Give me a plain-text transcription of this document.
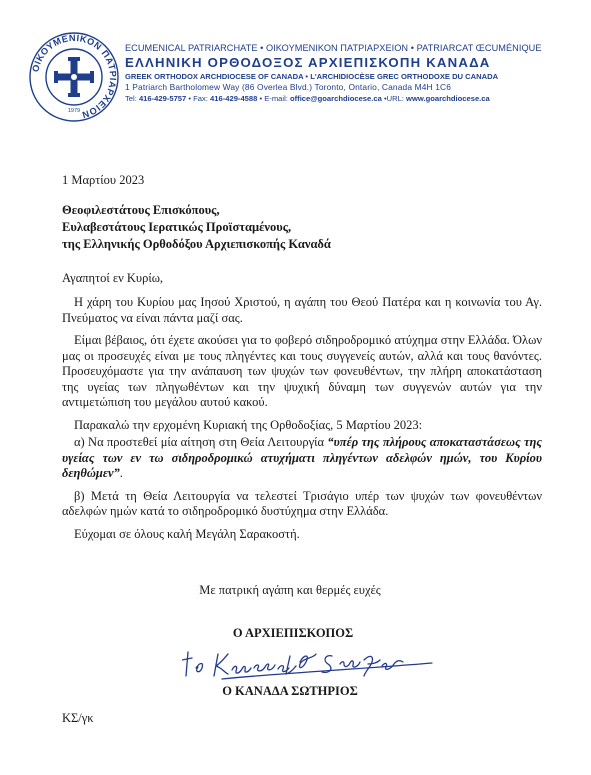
ΟΙΚΟΥΜΕΝΙΚΟΝ ΠΑΤΡΙΑΡΧΕΙΟΝ
1979
ECUMENICAL PATRIARCHATE • ΟΙΚΟΥΜΕΝΙΚΟΝ ΠΑΤΡΙΑΡΧΕΙΟΝ • PATRIARCAT ŒCUMÉNIQUE
ΕΛΛΗΝΙΚΗ ΟΡΘΟΔΟΞΟΣ ΑΡΧΙΕΠΙΣΚΟΠΗ ΚΑΝΑΔΑ
GREEK ORTHODOX ARCHDIOCESE OF CANADA • L'ARCHIDIOCÈSE GREC ORTHODOXE DU CANADA
1 Patriarch Bartholomew Way (86 Overlea Blvd.) Toronto, Ontario, Canada M4H 1C6
Tel: 416-429-5757 • Fax: 416-429-4588 • E-mail: office@goarchdiocese.ca •URL: www.goarchdiocese.ca
1 Μαρτίου 2023
Θεοφιλεστάτους Επισκόπους,
Ευλαβεστάτους Ιερατικώς Προϊσταμένους,
της Ελληνικής Ορθοδόξου Αρχιεπισκοπής Καναδά
Αγαπητοί εν Κυρίω,

Η χάρη του Κυρίου μας Ιησού Χριστού, η αγάπη του Θεού Πατέρα και η κοινωνία του Αγ. Πνεύματος να είναι πάντα μαζί σας.

Είμαι βέβαιος, ότι έχετε ακούσει για το φοβερό σιδηροδρομικό ατύχημα στην Ελλάδα. Όλων μας οι προσευχές είναι με τους πληγέντες και τους συγγενείς αυτών, αλλά και τους θανόντες. Προσευχόμαστε για την ανάπαυση των ψυχών των φονευθέντων, την πλήρη αποκατάσταση της υγείας των πληγωθέντων και την ψυχική δύναμη των συγγενών αυτών για την αντιμετώπιση του μεγάλου αυτού κακού.

Παρακαλώ την ερχομένη Κυριακή της Ορθοδοξίας, 5 Μαρτίου 2023:

α) Να προστεθεί μία αίτηση στη Θεία Λειτουργία “υπέρ της πλήρους αποκαταστάσεως της υγείας των εν τω σιδηροδρομικώ ατυχήματι πληγέντων αδελφών ημών, του Κυρίου δεηθώμεν”.

β) Μετά τη Θεία Λειτουργία να τελεστεί Τρισάγιο υπέρ των ψυχών των φονευθέντων αδελφών ημών κατά το σιδηροδρομικό δυστύχημα στην Ελλάδα.

Εύχομαι σε όλους καλή Μεγάλη Σαρακοστή.

Με πατρική αγάπη και θερμές ευχές
Ο ΑΡΧΙΕΠΙΣΚΟΠΟΣ
Ο ΚΑΝΑΔΑ ΣΩΤΗΡΙΟΣ
ΚΣ/γκ
